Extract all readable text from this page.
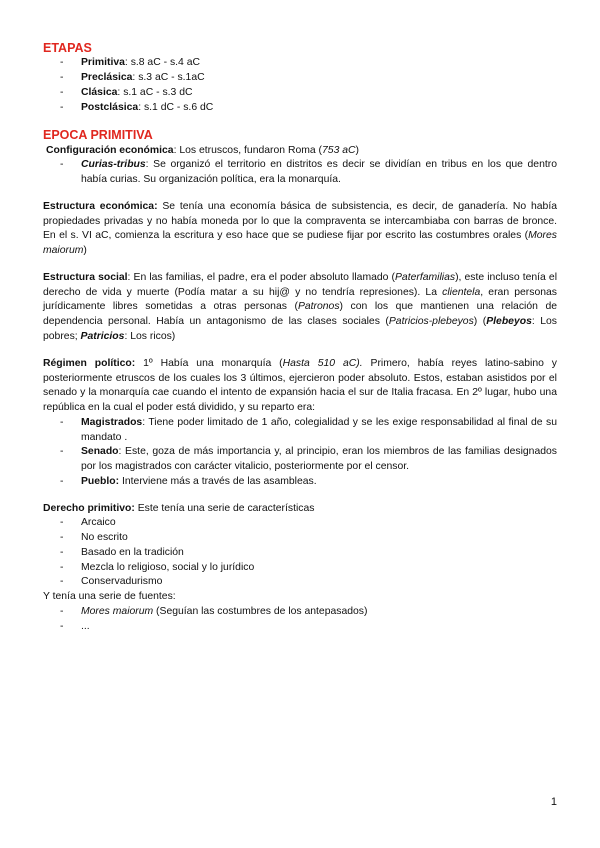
ETAPAS
- Primitiva: s.8 aC - s.4 aC
- Preclásica: s.3 aC - s.1aC
- Clásica: s.1 aC - s.3 dC
- Postclásica: s.1 dC - s.6 dC
EPOCA PRIMITIVA

Configuración económica: Los etruscos, fundaron Roma (753 aC)

- Curias-tribus: Se organizó el territorio en distritos es decir se dividían en tribus en los que dentro había curias. Su organización política, era la monarquía.

Estructura económica: Se tenía una economía básica de subsistencia, es decir, de ganadería. No había propiedades privadas y no había moneda por lo que la compraventa se intercambiaba con barras de bronce. En el s. VI aC, comienza la escritura y eso hace que se pudiese fijar por escrito las costumbres orales (Mores maiorum)

Estructura social: En las familias, el padre, era el poder absoluto llamado (Paterfamilias), este incluso tenía el derecho de vida y muerte (Podía matar a su hij@ y no tendría represiones). La clientela, eran personas jurídicamente libres sometidas a otras personas (Patronos) con los que mantienen una relación de dependencia personal. Había un antagonismo de las clases sociales (Patricios-plebeyos) (Plebeyos: Los pobres; Patricios: Los ricos)

Régimen político: 1º Había una monarquía (Hasta 510 aC). Primero, había reyes latino-sabino y posteriormente etruscos de los cuales los 3 últimos, ejercieron poder absoluto. Estos, estaban asistidos por el senado y la monarquía cae cuando el intento de expansión hacia el sur de Italia fracasa. En 2º lugar, hubo una república en la cual el poder está dividido, y su reparto era:

- Magistrados: Tiene poder limitado de 1 año, colegialidad y se les exige responsabilidad al final de su mandato .
- Senado: Este, goza de más importancia y, al principio, eran los miembros de las familias designados por los magistrados con carácter vitalicio, posteriormente por el censor.
- Pueblo: Interviene más a través de las asambleas.

Derecho primitivo: Este tenía una serie de características

- Arcaico
- No escrito
- Basado en la tradición
- Mezcla lo religioso, social y lo jurídico
- Conservadurismo

Y tenía una serie de fuentes:

- Mores maiorum (Seguían las costumbres de los antepasados)
- ...
1
